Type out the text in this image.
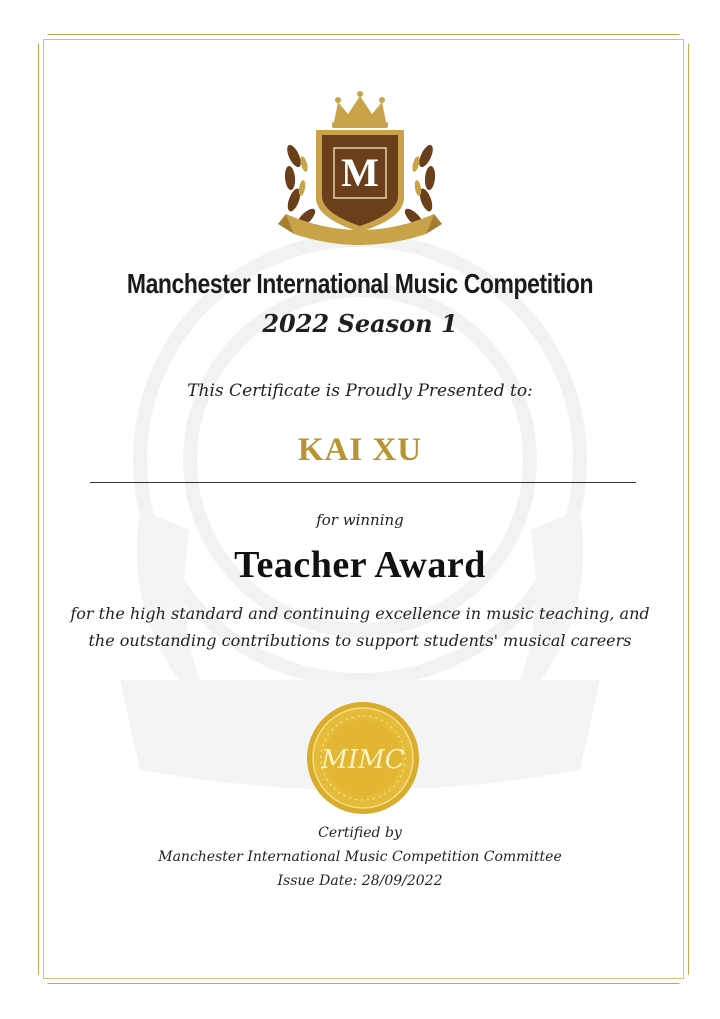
M

Manchester International Music Competition

2022 Season 1

This Certificate is Proudly Presented to:

KAI XU

for winning

Teacher Award

for the high standard and continuing excellence in music teaching, and
the outstanding contributions to support students' musical careers

MIMC

Certified by
Manchester International Music Competition Committee
Issue Date: 28/09/2022
